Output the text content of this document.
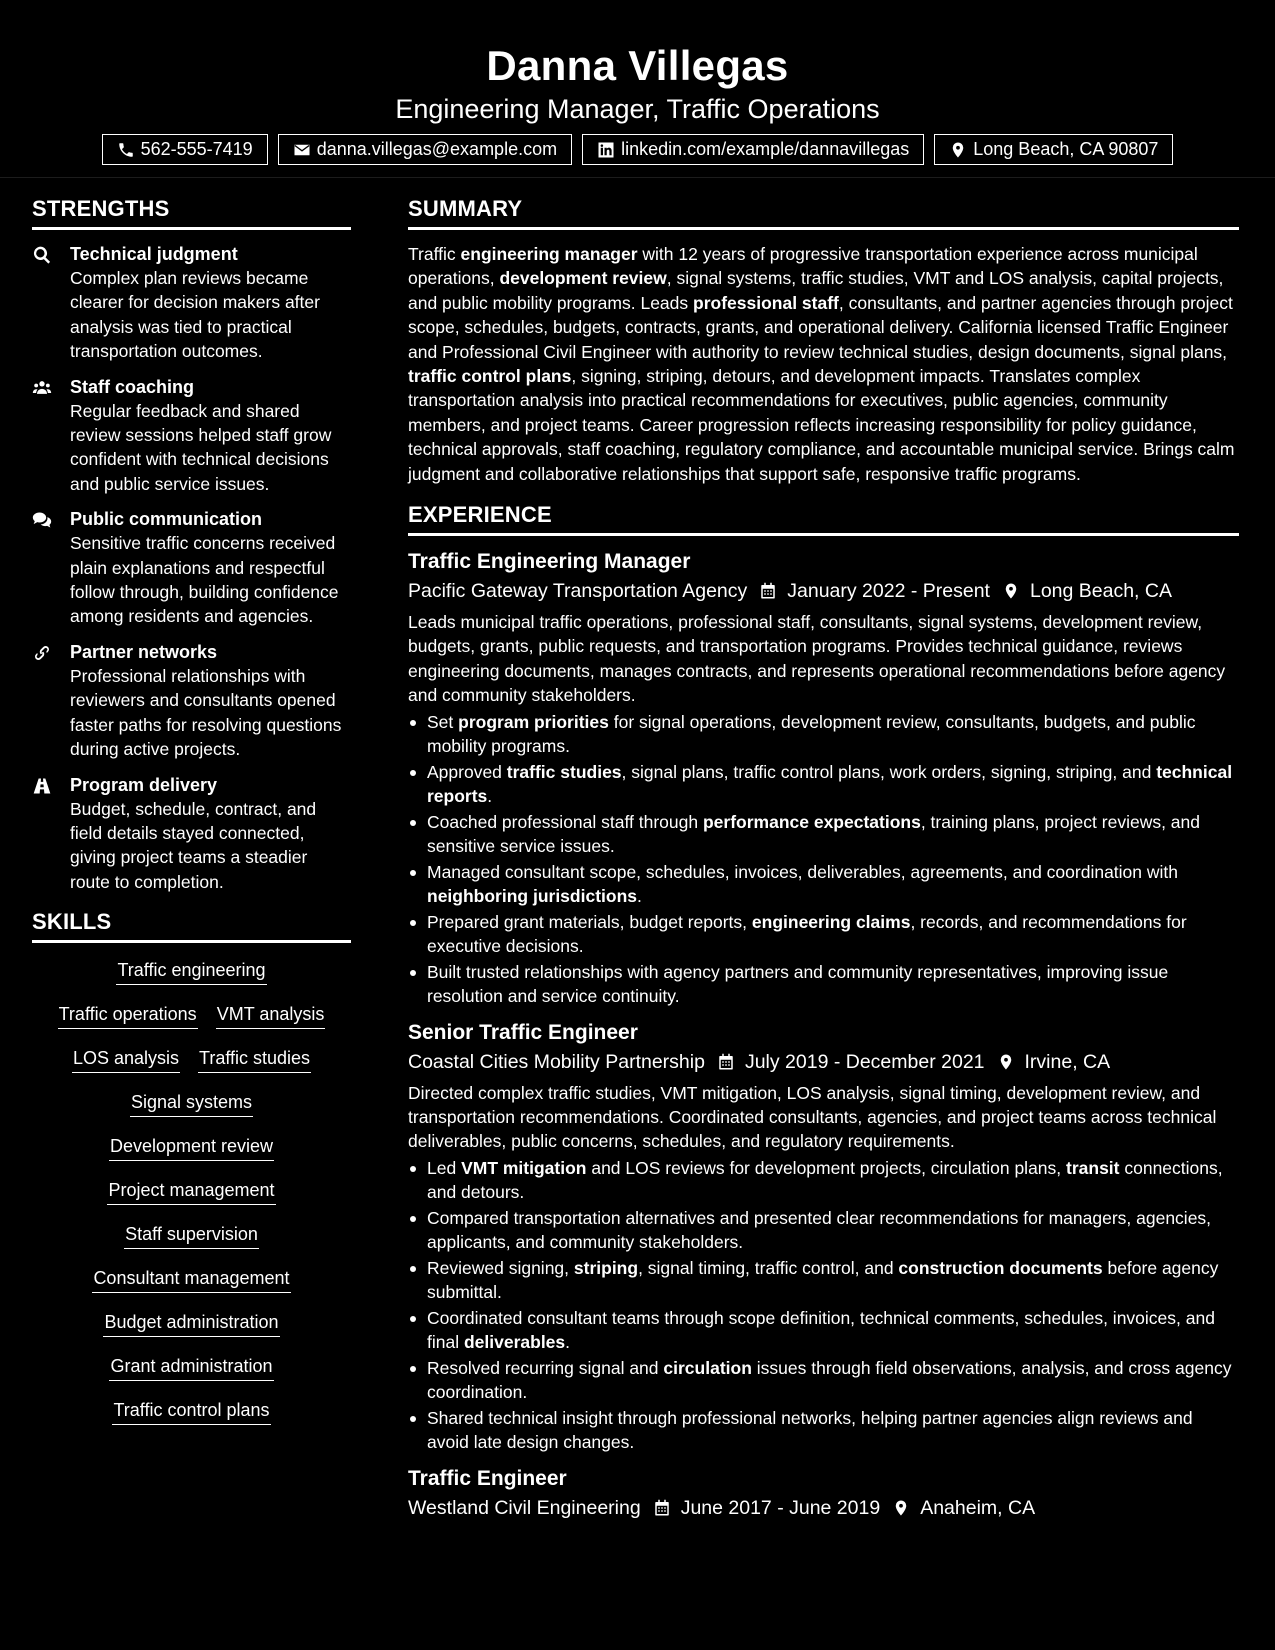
Danna Villegas
Engineering Manager, Traffic Operations
562-555-7419	danna.villegas@example.com	linkedin.com/example/dannavillegas	Long Beach, CA 90807
STRENGTHS
Technical judgment
Complex plan reviews became clearer for decision makers after analysis was tied to practical transportation outcomes.
Staff coaching
Regular feedback and shared review sessions helped staff grow confident with technical decisions and public service issues.
Public communication
Sensitive traffic concerns received plain explanations and respectful follow through, building confidence among residents and agencies.
Partner networks
Professional relationships with reviewers and consultants opened faster paths for resolving questions during active projects.
Program delivery
Budget, schedule, contract, and field details stayed connected, giving project teams a steadier route to completion.
SKILLS
Traffic engineering
Traffic operations VMT analysis
LOS analysis Traffic studies
Signal systems
Development review
Project management
Staff supervision
Consultant management
Budget administration
Grant administration
Traffic control plans
SUMMARY
Traffic engineering manager with 12 years of progressive transportation experience across municipal operations, development review, signal systems, traffic studies, VMT and LOS analysis, capital projects, and public mobility programs. Leads professional staff, consultants, and partner agencies through project scope, schedules, budgets, contracts, grants, and operational delivery. California licensed Traffic Engineer and Professional Civil Engineer with authority to review technical studies, design documents, signal plans, traffic control plans, signing, striping, detours, and development impacts. Translates complex transportation analysis into practical recommendations for executives, public agencies, community members, and project teams. Career progression reflects increasing responsibility for policy guidance, technical approvals, staff coaching, regulatory compliance, and accountable municipal service. Brings calm judgment and collaborative relationships that support safe, responsive traffic programs.
EXPERIENCE
Traffic Engineering Manager
Pacific Gateway Transportation Agency January 2022 - Present Long Beach, CA
Leads municipal traffic operations, professional staff, consultants, signal systems, development review, budgets, grants, public requests, and transportation programs. Provides technical guidance, reviews engineering documents, manages contracts, and represents operational recommendations before agency and community stakeholders.
Set program priorities for signal operations, development review, consultants, budgets, and public mobility programs.
Approved traffic studies, signal plans, traffic control plans, work orders, signing, striping, and technical reports.
Coached professional staff through performance expectations, training plans, project reviews, and sensitive service issues.
Managed consultant scope, schedules, invoices, deliverables, agreements, and coordination with neighboring jurisdictions.
Prepared grant materials, budget reports, engineering claims, records, and recommendations for executive decisions.
Built trusted relationships with agency partners and community representatives, improving issue resolution and service continuity.
Senior Traffic Engineer
Coastal Cities Mobility Partnership July 2019 - December 2021 Irvine, CA
Directed complex traffic studies, VMT mitigation, LOS analysis, signal timing, development review, and transportation recommendations. Coordinated consultants, agencies, and project teams across technical deliverables, public concerns, schedules, and regulatory requirements.
Led VMT mitigation and LOS reviews for development projects, circulation plans, transit connections, and detours.
Compared transportation alternatives and presented clear recommendations for managers, agencies, applicants, and community stakeholders.
Reviewed signing, striping, signal timing, traffic control, and construction documents before agency submittal.
Coordinated consultant teams through scope definition, technical comments, schedules, invoices, and final deliverables.
Resolved recurring signal and circulation issues through field observations, analysis, and cross agency coordination.
Shared technical insight through professional networks, helping partner agencies align reviews and avoid late design changes.
Traffic Engineer
Westland Civil Engineering June 2017 - June 2019 Anaheim, CA
